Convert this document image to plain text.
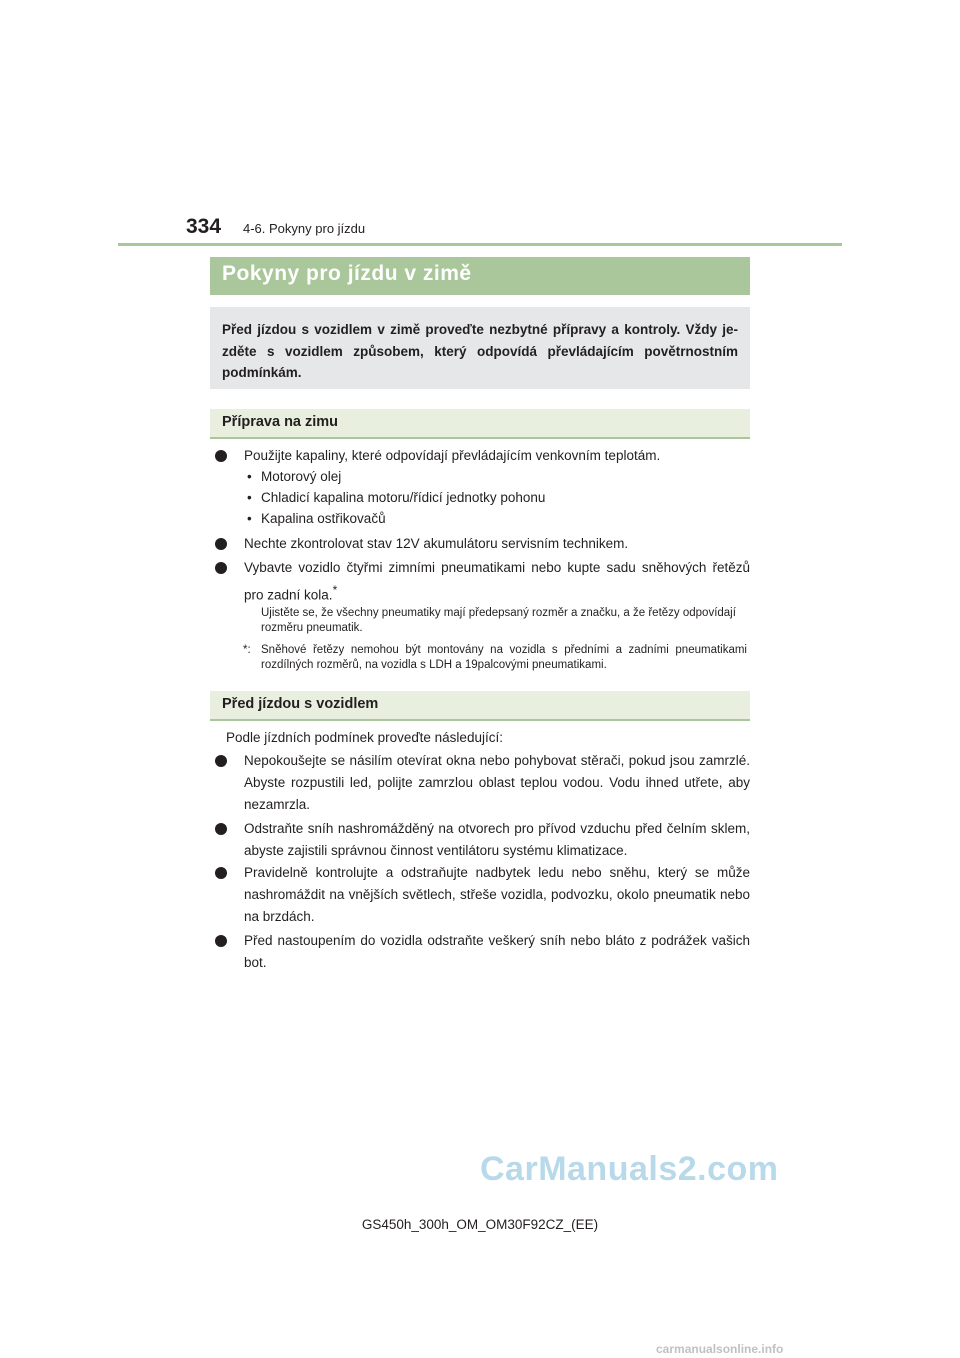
334 4-6. Pokyny pro jízdu
Pokyny pro jízdu v zimě

Před jízdou s vozidlem v zimě proveďte nezbytné přípravy a kontroly. Vždy jezděte s vozidlem způsobem, který odpovídá převládajícím povětrnostním podmínkám.

Příprava na zimu
Použijte kapaliny, které odpovídají převládajícím venkovním teplotám.
• Motorový olej
• Chladicí kapalina motoru/řídicí jednotky pohonu
• Kapalina ostřikovačů
Nechte zkontrolovat stav 12V akumulátoru servisním technikem.
Vybavte vozidlo čtyřmi zimními pneumatikami nebo kupte sadu sněhových řetězů pro zadní kola.*
Ujistěte se, že všechny pneumatiky mají předepsaný rozměr a značku, a že řetězy odpovídají rozměru pneumatik.
*: Sněhové řetězy nemohou být montovány na vozidla s předními a zadními pneumatikami rozdílných rozměrů, na vozidla s LDH a 19palcovými pneumatikami.
Před jízdou s vozidlem
Podle jízdních podmínek proveďte následující:
Nepokoušejte se násilím otevírat okna nebo pohybovat stěrači, pokud jsou zamrzlé. Abyste rozpustili led, polijte zamrzlou oblast teplou vodou. Vodu ihned utřete, aby nezamrzla.
Odstraňte sníh nashromážděný na otvorech pro přívod vzduchu před čelním sklem, abyste zajistili správnou činnost ventilátoru systému klimatizace.
Pravidelně kontrolujte a odstraňujte nadbytek ledu nebo sněhu, který se může nashromáždit na vnějších světlech, střeše vozidla, podvozku, okolo pneumatik nebo na brzdách.
Před nastoupením do vozidla odstraňte veškerý sníh nebo bláto z podrážek vašich bot.
CarManuals2.com
GS450h_300h_OM_OM30F92CZ_(EE)
carmanualsonline.info
